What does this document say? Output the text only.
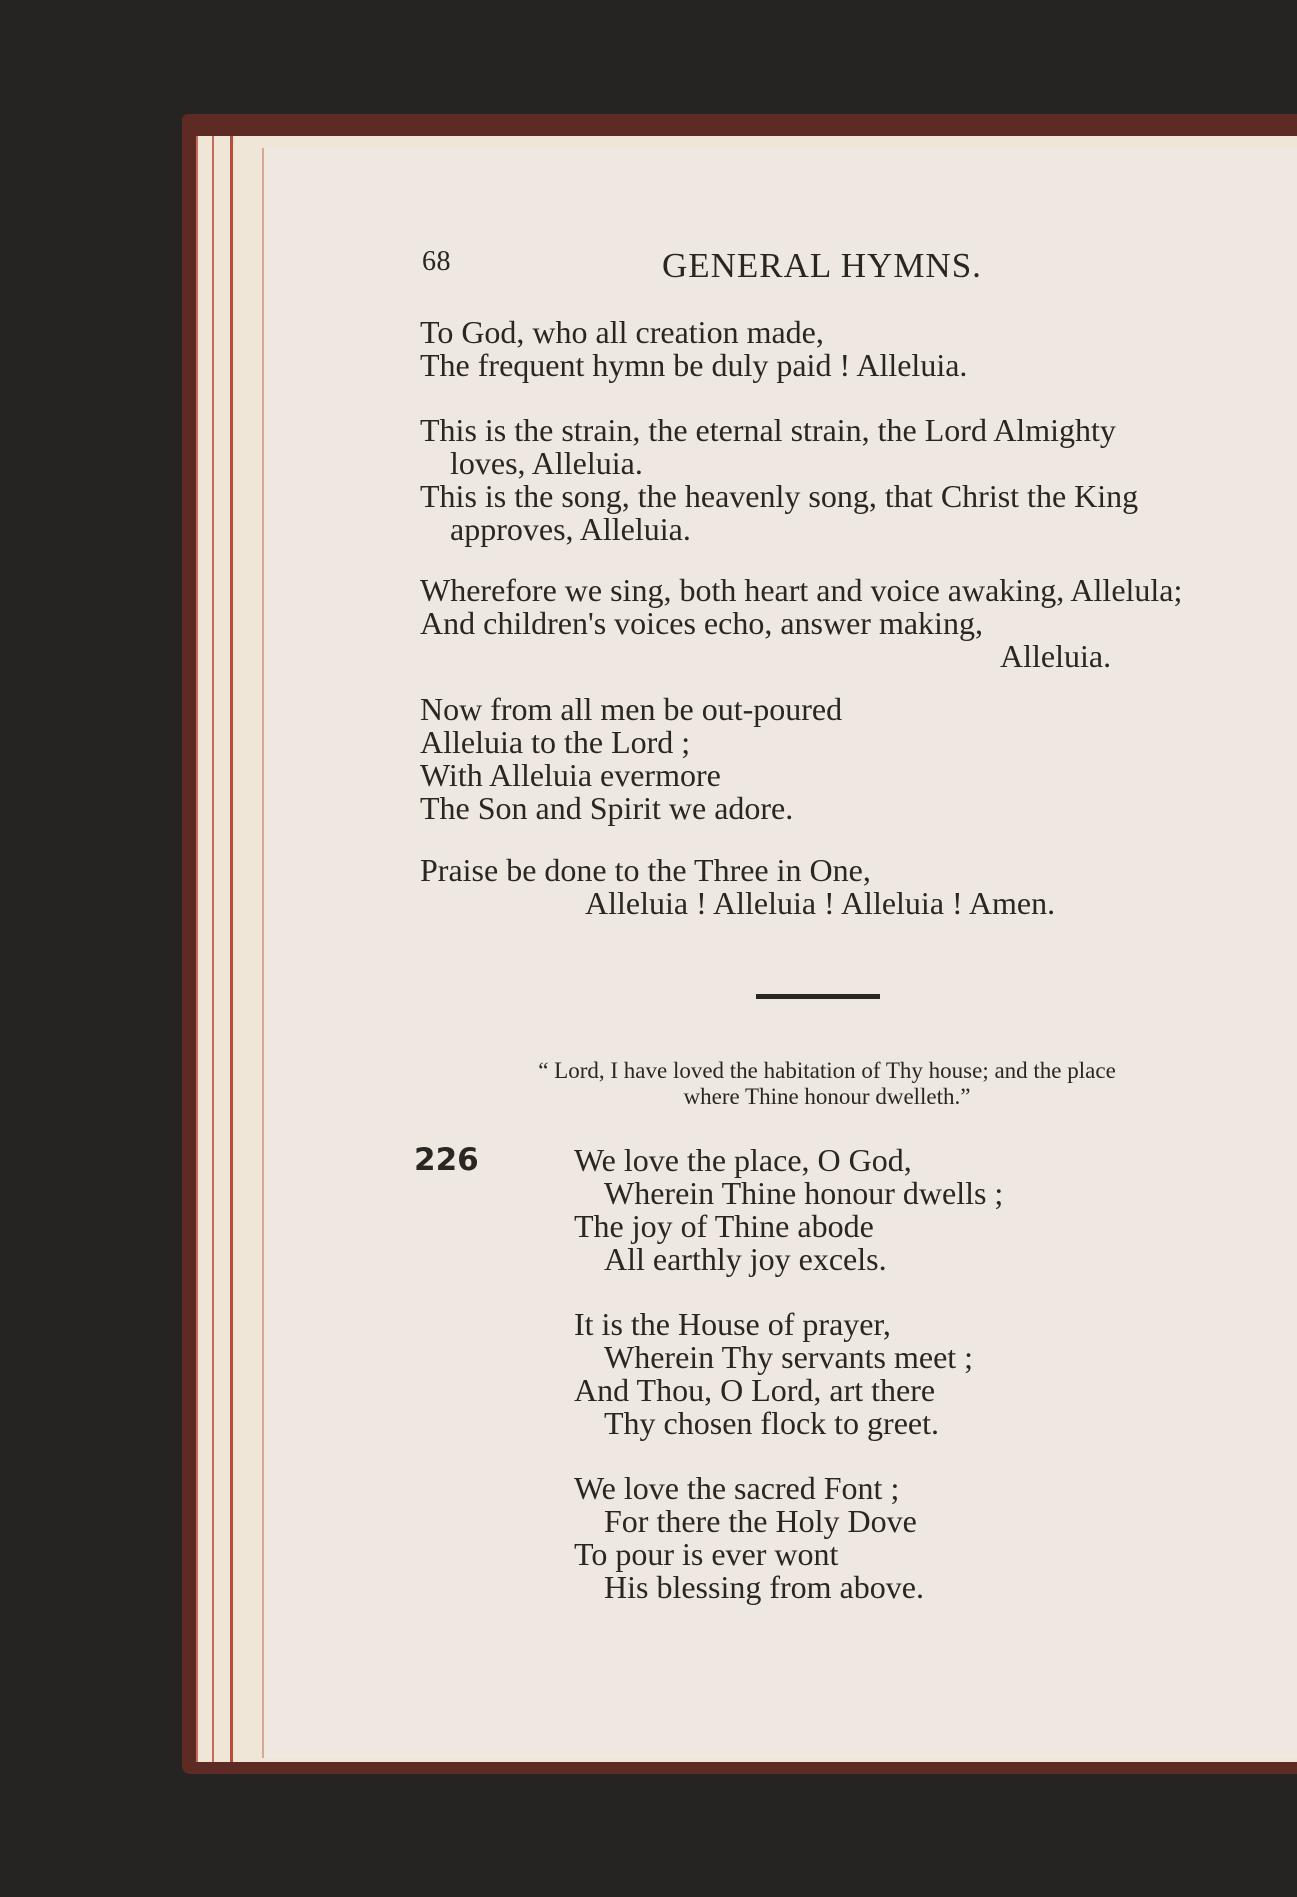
68	GENERAL HYMNS.
To God, who all creation made,
The frequent hymn be duly paid ! Alleluia.
This is the strain, the eternal strain, the Lord Almighty
loves, Alleluia.
This is the song, the heavenly song, that Christ the King
approves, Alleluia.
Wherefore we sing, both heart and voice awaking, Allelula;
And children's voices echo, answer making,
Alleluia.
Now from all men be out-poured
Alleluia to the Lord ;
With Alleluia evermore
The Son and Spirit we adore.
Praise be done to the Three in One,
Alleluia ! Alleluia ! Alleluia ! Amen.
“ Lord, I have loved the habitation of Thy house; and the place
where Thine honour dwelleth.”
226	We love the place, O God,
Wherein Thine honour dwells ;
The joy of Thine abode
All earthly joy excels.
It is the House of prayer,
Wherein Thy servants meet ;
And Thou, O Lord, art there
Thy chosen flock to greet.
We love the sacred Font ;
For there the Holy Dove
To pour is ever wont
His blessing from above.
